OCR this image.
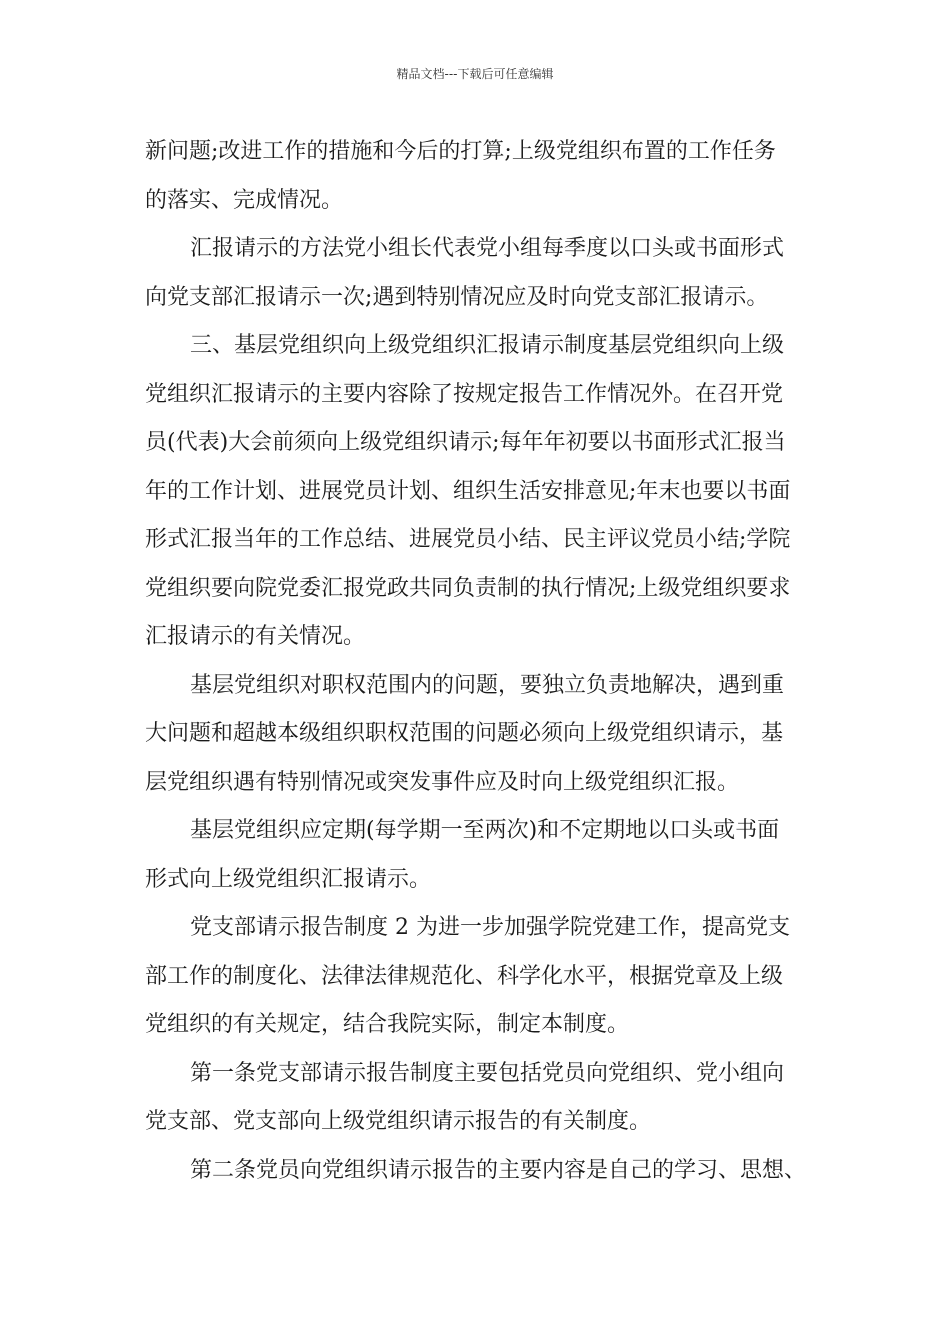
精品文档---下载后可任意编辑
新问题;改进工作的措施和今后的打算;上级党组织布置的工作任务
的落实、完成情况。
汇报请示的方法党小组长代表党小组每季度以口头或书面形式
向党支部汇报请示一次;遇到特别情况应及时向党支部汇报请示。
三、基层党组织向上级党组织汇报请示制度基层党组织向上级
党组织汇报请示的主要内容除了按规定报告工作情况外。在召开党
员(代表)大会前须向上级党组织请示;每年年初要以书面形式汇报当
年的工作计划、进展党员计划、组织生活安排意见;年末也要以书面
形式汇报当年的工作总结、进展党员小结、民主评议党员小结;学院
党组织要向院党委汇报党政共同负责制的执行情况;上级党组织要求
汇报请示的有关情况。
基层党组织对职权范围内的问题，要独立负责地解决，遇到重
大问题和超越本级组织职权范围的问题必须向上级党组织请示，基
层党组织遇有特别情况或突发事件应及时向上级党组织汇报。
基层党组织应定期(每学期一至两次)和不定期地以口头或书面
形式向上级党组织汇报请示。
党支部请示报告制度 2 为进一步加强学院党建工作，提高党支
部工作的制度化、法律法律规范化、科学化水平，根据党章及上级
党组织的有关规定，结合我院实际，制定本制度。
第一条党支部请示报告制度主要包括党员向党组织、党小组向
党支部、党支部向上级党组织请示报告的有关制度。
第二条党员向党组织请示报告的主要内容是自己的学习、思想、
